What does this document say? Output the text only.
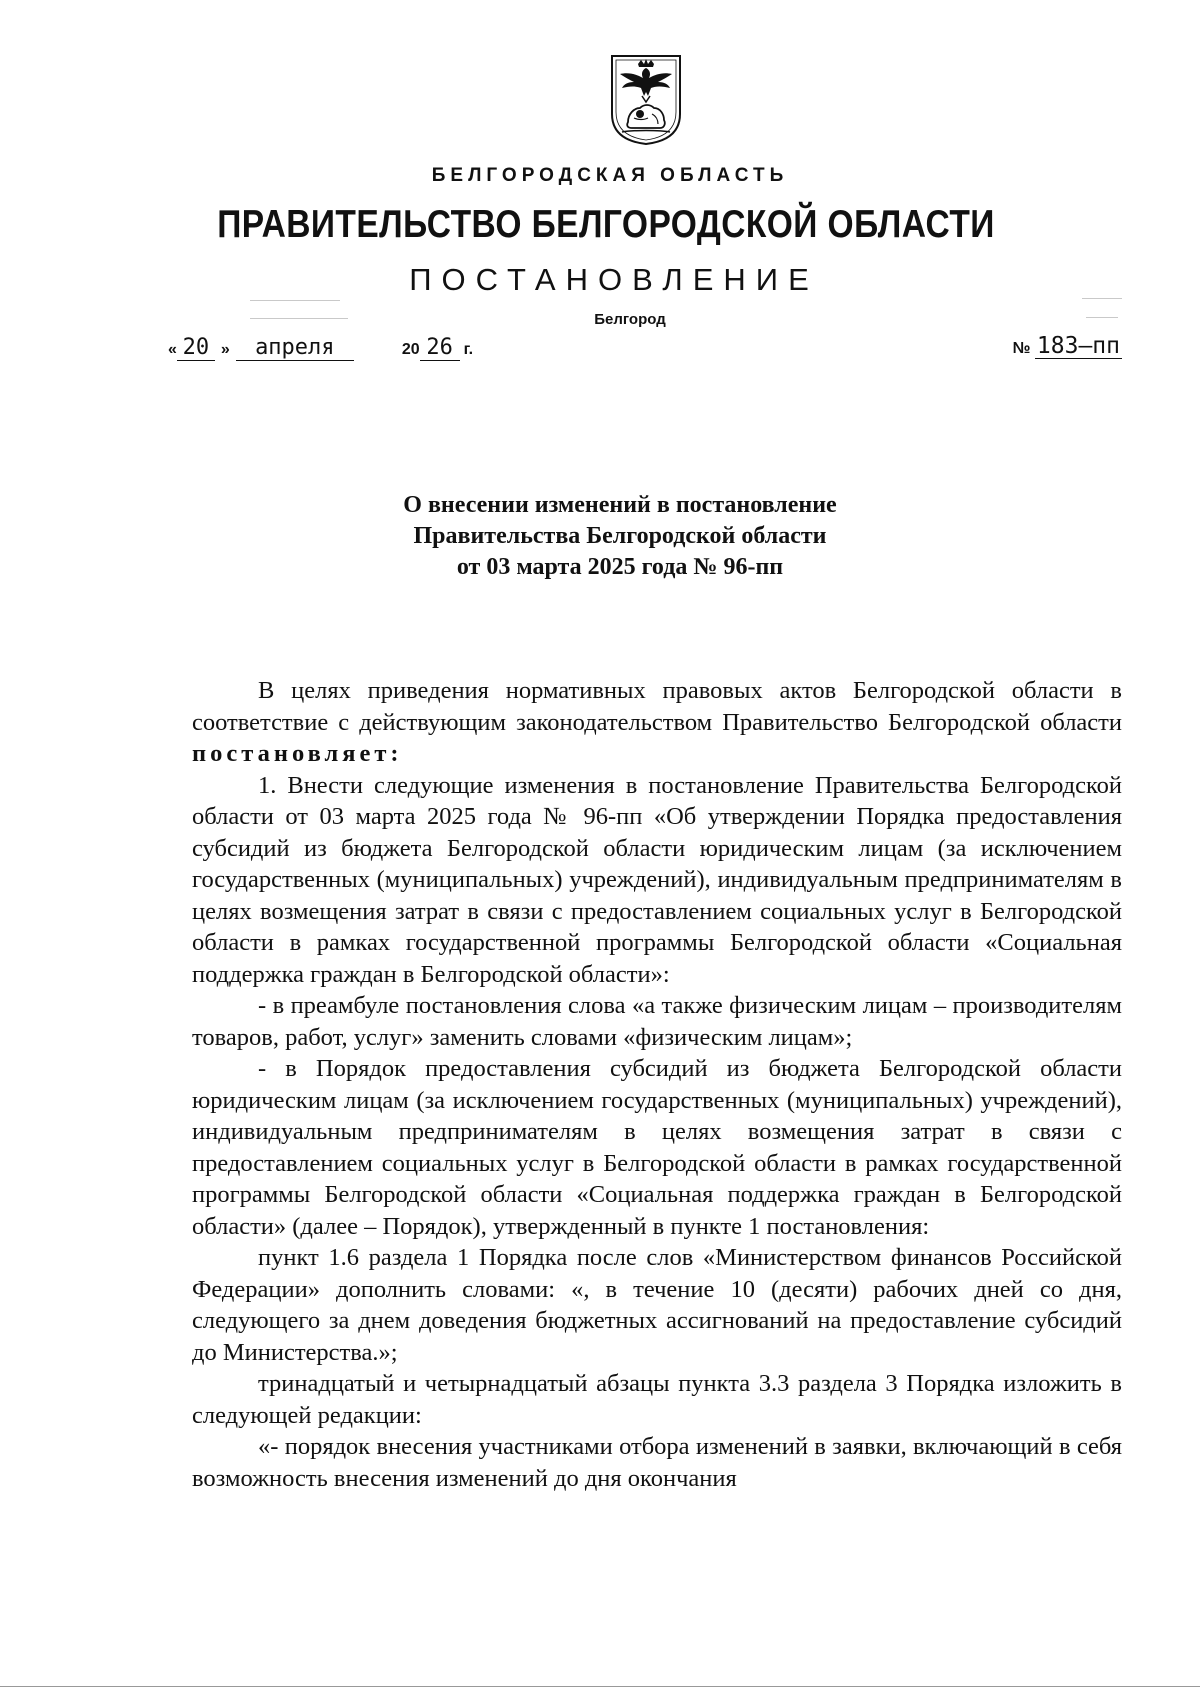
БЕЛГОРОДСКАЯ ОБЛАСТЬ
ПРАВИТЕЛЬСТВО БЕЛГОРОДСКОЙ ОБЛАСТИ
ПОСТАНОВЛЕНИЕ
Белгород
« 20 » апреля	20 26 г.	№ 183–пп
О внесении изменений в постановление
Правительства Белгородской области
от 03 марта 2025 года № 96-пп

В целях приведения нормативных правовых актов Белгородской области в соответствие с действующим законодательством Правительство Белгородской области постановляет:

1. Внести следующие изменения в постановление Правительства Белгородской области от 03 марта 2025 года № 96-пп «Об утверждении Порядка предоставления субсидий из бюджета Белгородской области юридическим лицам (за исключением государственных (муниципальных) учреждений), индивидуальным предпринимателям в целях возмещения затрат в связи с предоставлением социальных услуг в Белгородской области в рамках государственной программы Белгородской области «Социальная поддержка граждан в Белгородской области»:

- в преамбуле постановления слова «а также физическим лицам – производителям товаров, работ, услуг» заменить словами «физическим лицам»;

- в Порядок предоставления субсидий из бюджета Белгородской области юридическим лицам (за исключением государственных (муниципальных) учреждений), индивидуальным предпринимателям в целях возмещения затрат в связи с предоставлением социальных услуг в Белгородской области в рамках государственной программы Белгородской области «Социальная поддержка граждан в Белгородской области» (далее – Порядок), утвержденный в пункте 1 постановления:

пункт 1.6 раздела 1 Порядка после слов «Министерством финансов Российской Федерации» дополнить словами: «, в течение 10 (десяти) рабочих дней со дня, следующего за днем доведения бюджетных ассигнований на предоставление субсидий до Министерства.»;

тринадцатый и четырнадцатый абзацы пункта 3.3 раздела 3 Порядка изложить в следующей редакции:

«- порядок внесения участниками отбора изменений в заявки, включающий в себя возможность внесения изменений до дня окончания
